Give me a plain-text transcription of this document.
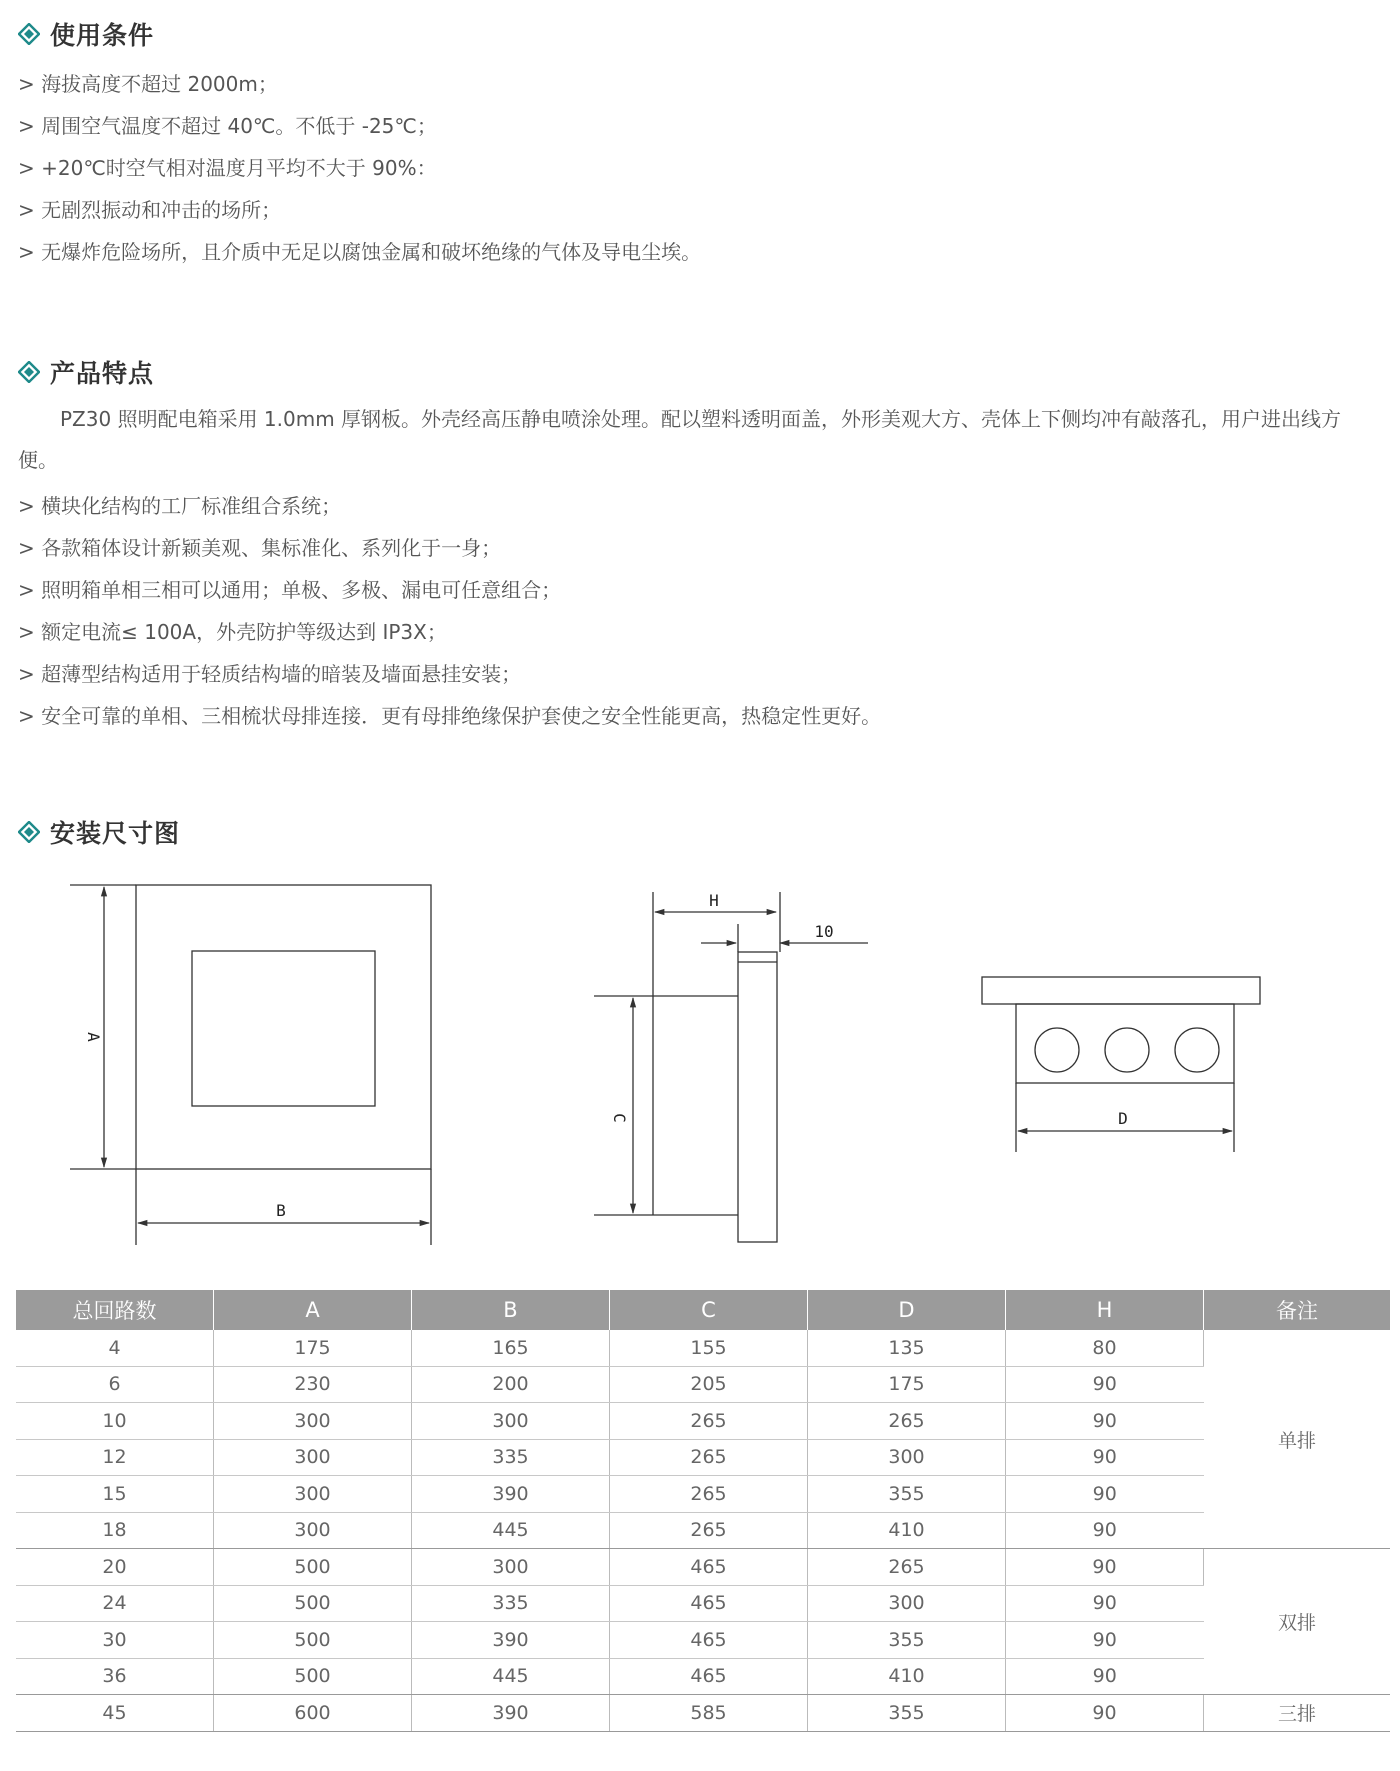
使用条件
> 海拔高度不超过 2000m；
> 周围空气温度不超过 40℃。不低于 -25℃；
> +20℃时空气相对温度月平均不大于 90%：
> 无剧烈振动和冲击的场所；
> 无爆炸危险场所，且介质中无足以腐蚀金属和破坏绝缘的气体及导电尘埃。
产品特点
PZ30 照明配电箱采用 1.0mm 厚钢板。外壳经高压静电喷涂处理。配以塑料透明面盖，外形美观大方、壳体上下侧均冲有敲落孔，用户进出线方便。
> 横块化结构的工厂标准组合系统；
> 各款箱体设计新颖美观、集标准化、系列化于一身；
> 照明箱单相三相可以通用；单极、多极、漏电可任意组合；
> 额定电流≤ 100A，外壳防护等级达到 IP3X；
> 超薄型结构适用于轻质结构墙的暗装及墙面悬挂安装；
> 安全可靠的单相、三相梳状母排连接．更有母排绝缘保护套使之安全性能更高，热稳定性更好。
安装尺寸图
A
B
C
H
10
D
总回路数	A	B	C	D	H	备注
4	175	165	155	135	80	单排
6	230	200	205	175	90	
10	300	300	265	265	90	
12	300	335	265	300	90	
15	300	390	265	355	90	
18	300	445	265	410	90	
20	500	300	465	265	90	双排
24	500	335	465	300	90	
30	500	390	465	355	90	
36	500	445	465	410	90	
45	600	390	585	355	90	三排
